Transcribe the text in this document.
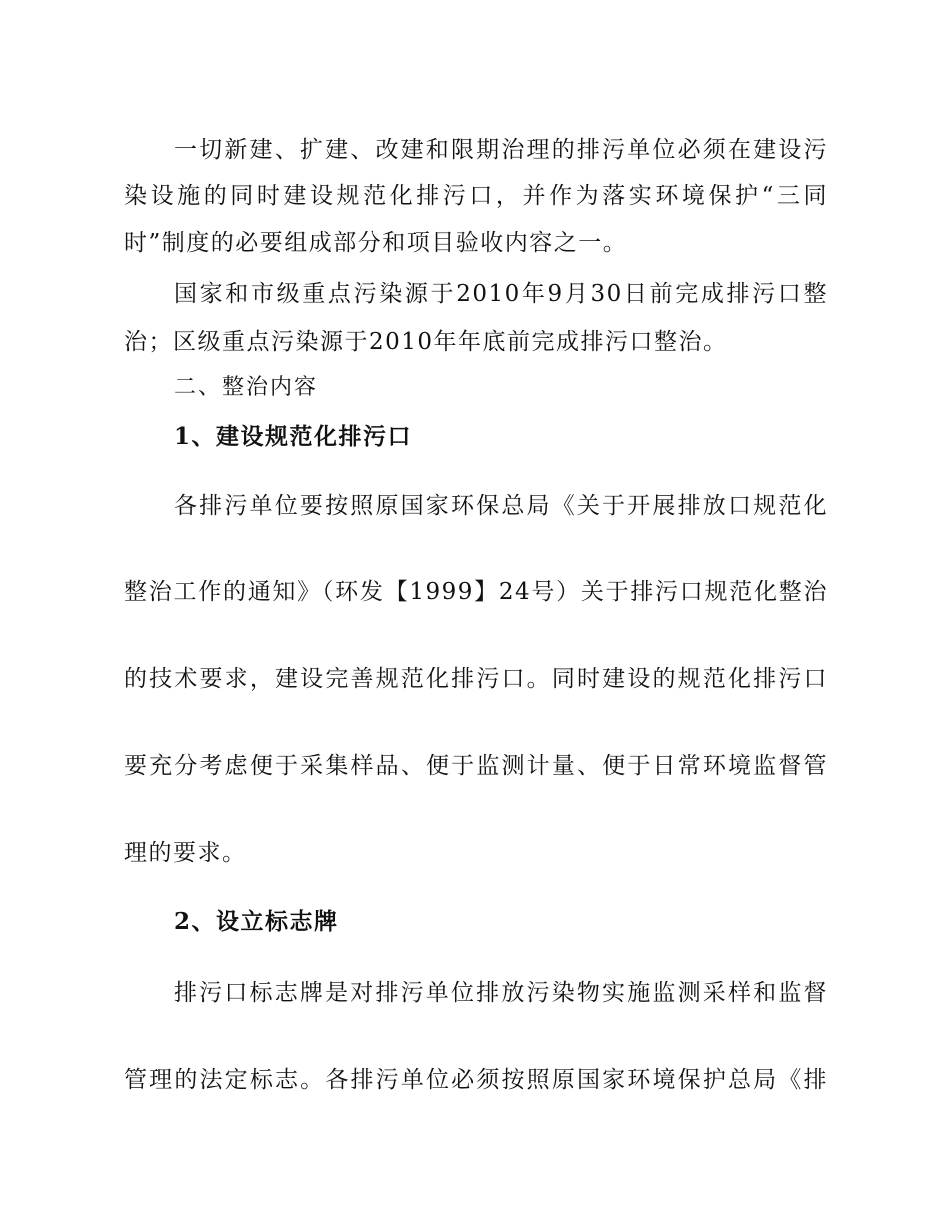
一切新建、扩建、改建和限期治理的排污单位必须在建设污
染设施的同时建设规范化排污口，并作为落实环境保护“三同
时”制度的必要组成部分和项目验收内容之一。
国家和市级重点污染源于2010年9月30日前完成排污口整
治；区级重点污染源于2010年年底前完成排污口整治。
二、整治内容
1、建设规范化排污口
各排污单位要按照原国家环保总局《关于开展排放口规范化
整治工作的通知》（环发【1999】24号）关于排污口规范化整治
的技术要求，建设完善规范化排污口。同时建设的规范化排污口
要充分考虑便于采集样品、便于监测计量、便于日常环境监督管
理的要求。
2、设立标志牌
排污口标志牌是对排污单位排放污染物实施监测采样和监督
管理的法定标志。各排污单位必须按照原国家环境保护总局《排
